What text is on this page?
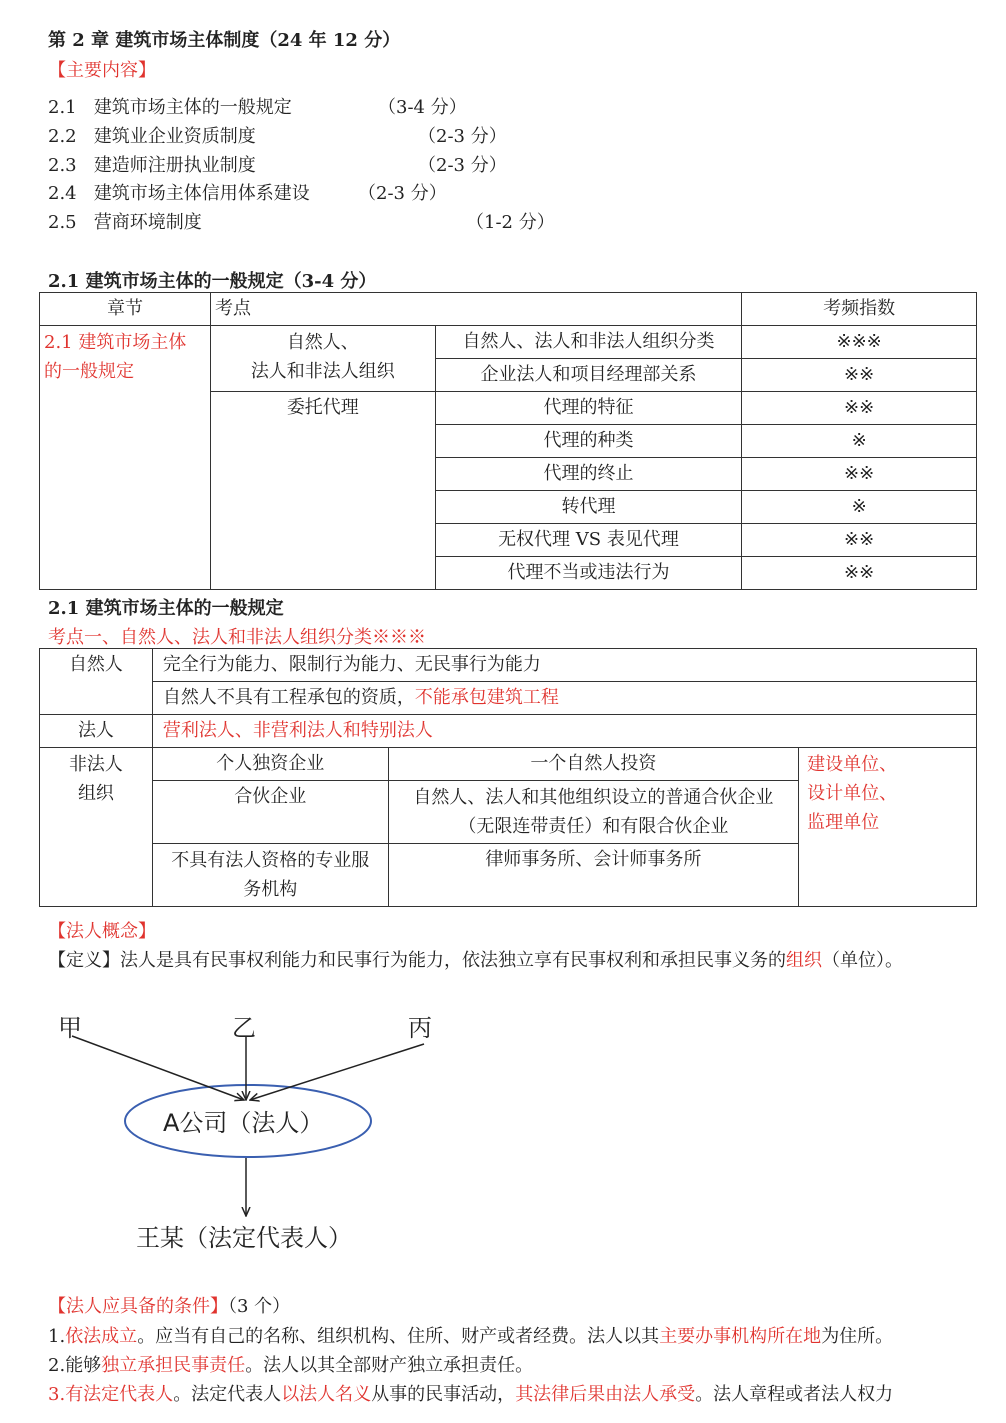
第 2 章 建筑市场主体制度（24 年 12 分）
【主要内容】
2.1 建筑市场主体的一般规定	（3-4 分）
2.2 建筑业企业资质制度	（2-3 分）
2.3 建造师注册执业制度	（2-3 分）
2.4 建筑市场主体信用体系建设	（2-3 分）
2.5 营商环境制度	（1-2 分）
2.1 建筑市场主体的一般规定（3-4 分）
章节	考点		考频指数

2.1 建筑市场主体的一般规定	自然人、
法人和非法人组织	自然人、法人和非法人组织分类	※※※
		企业法人和项目经理部关系	※※
	委托代理	代理的特征	※※
		代理的种类	※
		代理的终止	※※
		转代理	※
		无权代理 VS 表见代理	※※
		代理不当或违法行为	※※
2.1 建筑市场主体的一般规定
考点一、自然人、法人和非法人组织分类※※※
自然人	完全行为能力、限制行为能力、无民事行为能力		
	自然人不具有工程承包的资质，不能承包建筑工程		
法人	营利法人、非营利法人和特别法人		
非法人
组织	个人独资企业	一个自然人投资	建设单位、
设计单位、
监理单位
	合伙企业	自然人、法人和其他组织设立的普通合伙企业
（无限连带责任）和有限合伙企业	
	不具有法人资格的专业服
务机构	律师事务所、会计师事务所	
【法人概念】
【定义】法人是具有民事权利能力和民事行为能力，依法独立享有民事权利和承担民事义务的组织（单位）。
甲	乙	丙
A公司（法人）
王某（法定代表人）
【法人应具备的条件】（3 个）
1.依法成立。应当有自己的名称、组织机构、住所、财产或者经费。法人以其主要办事机构所在地为住所。
2.能够独立承担民事责任。法人以其全部财产独立承担责任。
3.有法定代表人。法定代表人以法人名义从事的民事活动，其法律后果由法人承受。法人章程或者法人权力
